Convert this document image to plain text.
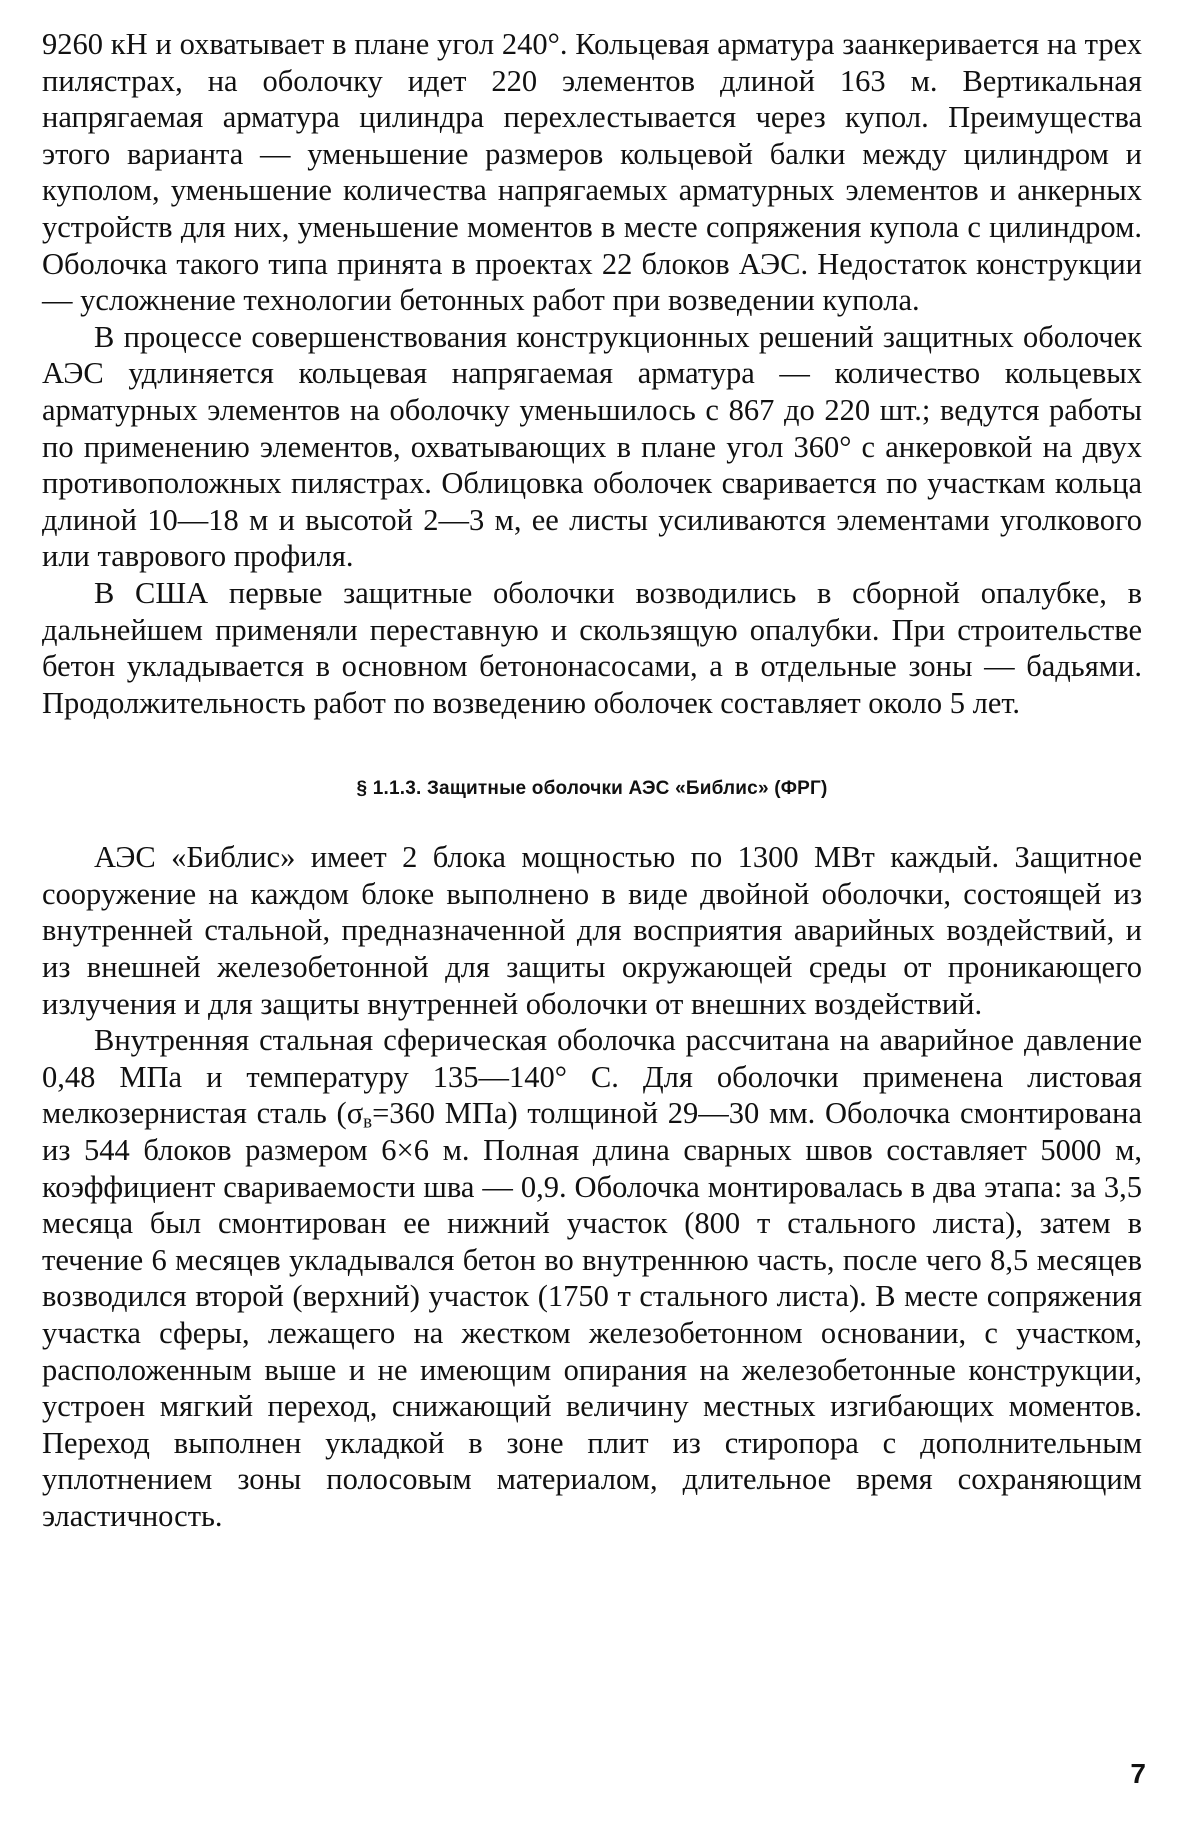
9260 кН и охватывает в плане угол 240°. Кольцевая арматура заанкеривается на трех пилястрах, на оболочку идет 220 элементов длиной 163 м. Вертикальная напрягаемая арматура цилиндра перехлестывается через купол. Преимущества этого варианта — уменьшение размеров кольцевой балки между цилиндром и куполом, уменьшение количества напрягаемых арматурных элементов и анкерных устройств для них, уменьшение моментов в месте сопряжения купола с цилиндром. Оболочка такого типа принята в проектах 22 блоков АЭС. Недостаток конструкции — усложнение технологии бетонных работ при возведении купола.

В процессе совершенствования конструкционных решений защитных оболочек АЭС удлиняется кольцевая напрягаемая арматура — количество кольцевых арматурных элементов на оболочку уменьшилось с 867 до 220 шт.; ведутся работы по применению элементов, охватывающих в плане угол 360° с анкеровкой на двух противоположных пилястрах. Облицовка оболочек сваривается по участкам кольца длиной 10—18 м и высотой 2—3 м, ее листы усиливаются элементами уголкового или таврового профиля.

В США первые защитные оболочки возводились в сборной опалубке, в дальнейшем применяли переставную и скользящую опалубки. При строительстве бетон укладывается в основном бетононасосами, а в отдельные зоны — бадьями. Продолжительность работ по возведению оболочек составляет около 5 лет.

§ 1.1.3. Защитные оболочки АЭС «Библис» (ФРГ)

АЭС «Библис» имеет 2 блока мощностью по 1300 МВт каждый. Защитное сооружение на каждом блоке выполнено в виде двойной оболочки, состоящей из внутренней стальной, предназначенной для восприятия аварийных воздействий, и из внешней железобетонной для защиты окружающей среды от проникающего излучения и для защиты внутренней оболочки от внешних воздействий.

Внутренняя стальная сферическая оболочка рассчитана на аварийное давление 0,48 МПа и температуру 135—140° С. Для оболочки применена листовая мелкозернистая сталь ($\sigma_в=360$ МПа) толщиной 29—30 мм. Оболочка смонтирована из 544 блоков размером 6×6 м. Полная длина сварных швов составляет 5000 м, коэффициент свариваемости шва — 0,9. Оболочка монтировалась в два этапа: за 3,5 месяца был смонтирован ее нижний участок (800 т стального листа), затем в течение 6 месяцев укладывался бетон во внутреннюю часть, после чего 8,5 месяцев возводился второй (верхний) участок (1750 т стального листа). В месте сопряжения участка сферы, лежащего на жестком железобетонном основании, с участком, расположенным выше и не имеющим опирания на железобетонные конструкции, устроен мягкий переход, снижающий величину местных изгибающих моментов. Переход выполнен укладкой в зоне плит из стиропора с дополнительным уплотнением зоны полосовым материалом, длительное время сохраняющим эластичность.

7
